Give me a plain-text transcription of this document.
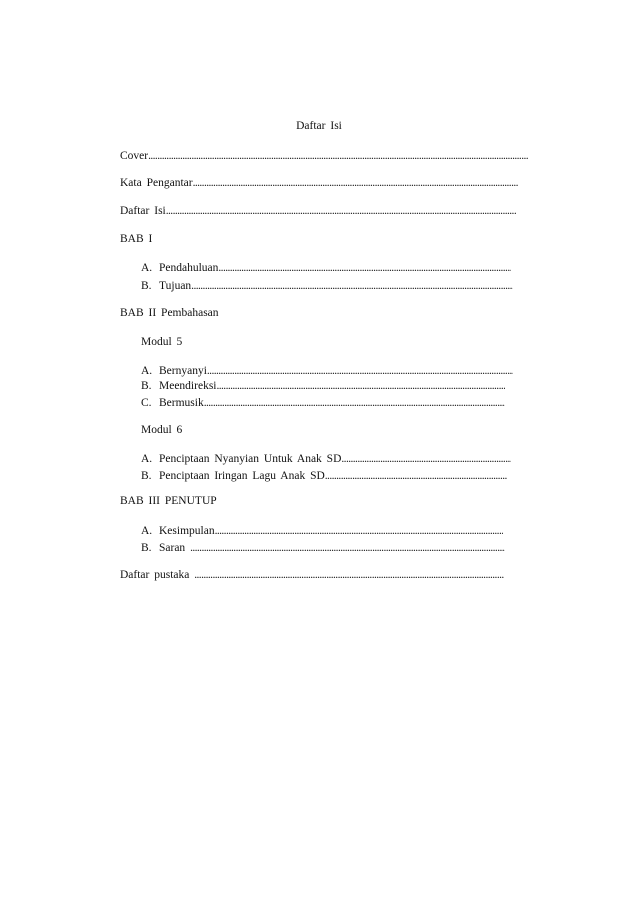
Daftar Isi
Cover
.....
Kata Pengantar
.....
Daftar Isi
.....
BAB I
A. Pendahuluan
.....
B. Tujuan
.....
BAB II Pembahasan
Modul 5
A. Bernyanyi
.....
B. Meendireksi
.....
C. Bermusik
.....
Modul 6
A. Penciptaan Nyanyian Untuk Anak SD
.....
B. Penciptaan Iringan Lagu Anak SD
.....
BAB III PENUTUP
A. Kesimpulan
.....
B. Saran
.....
Daftar pustaka
.....
